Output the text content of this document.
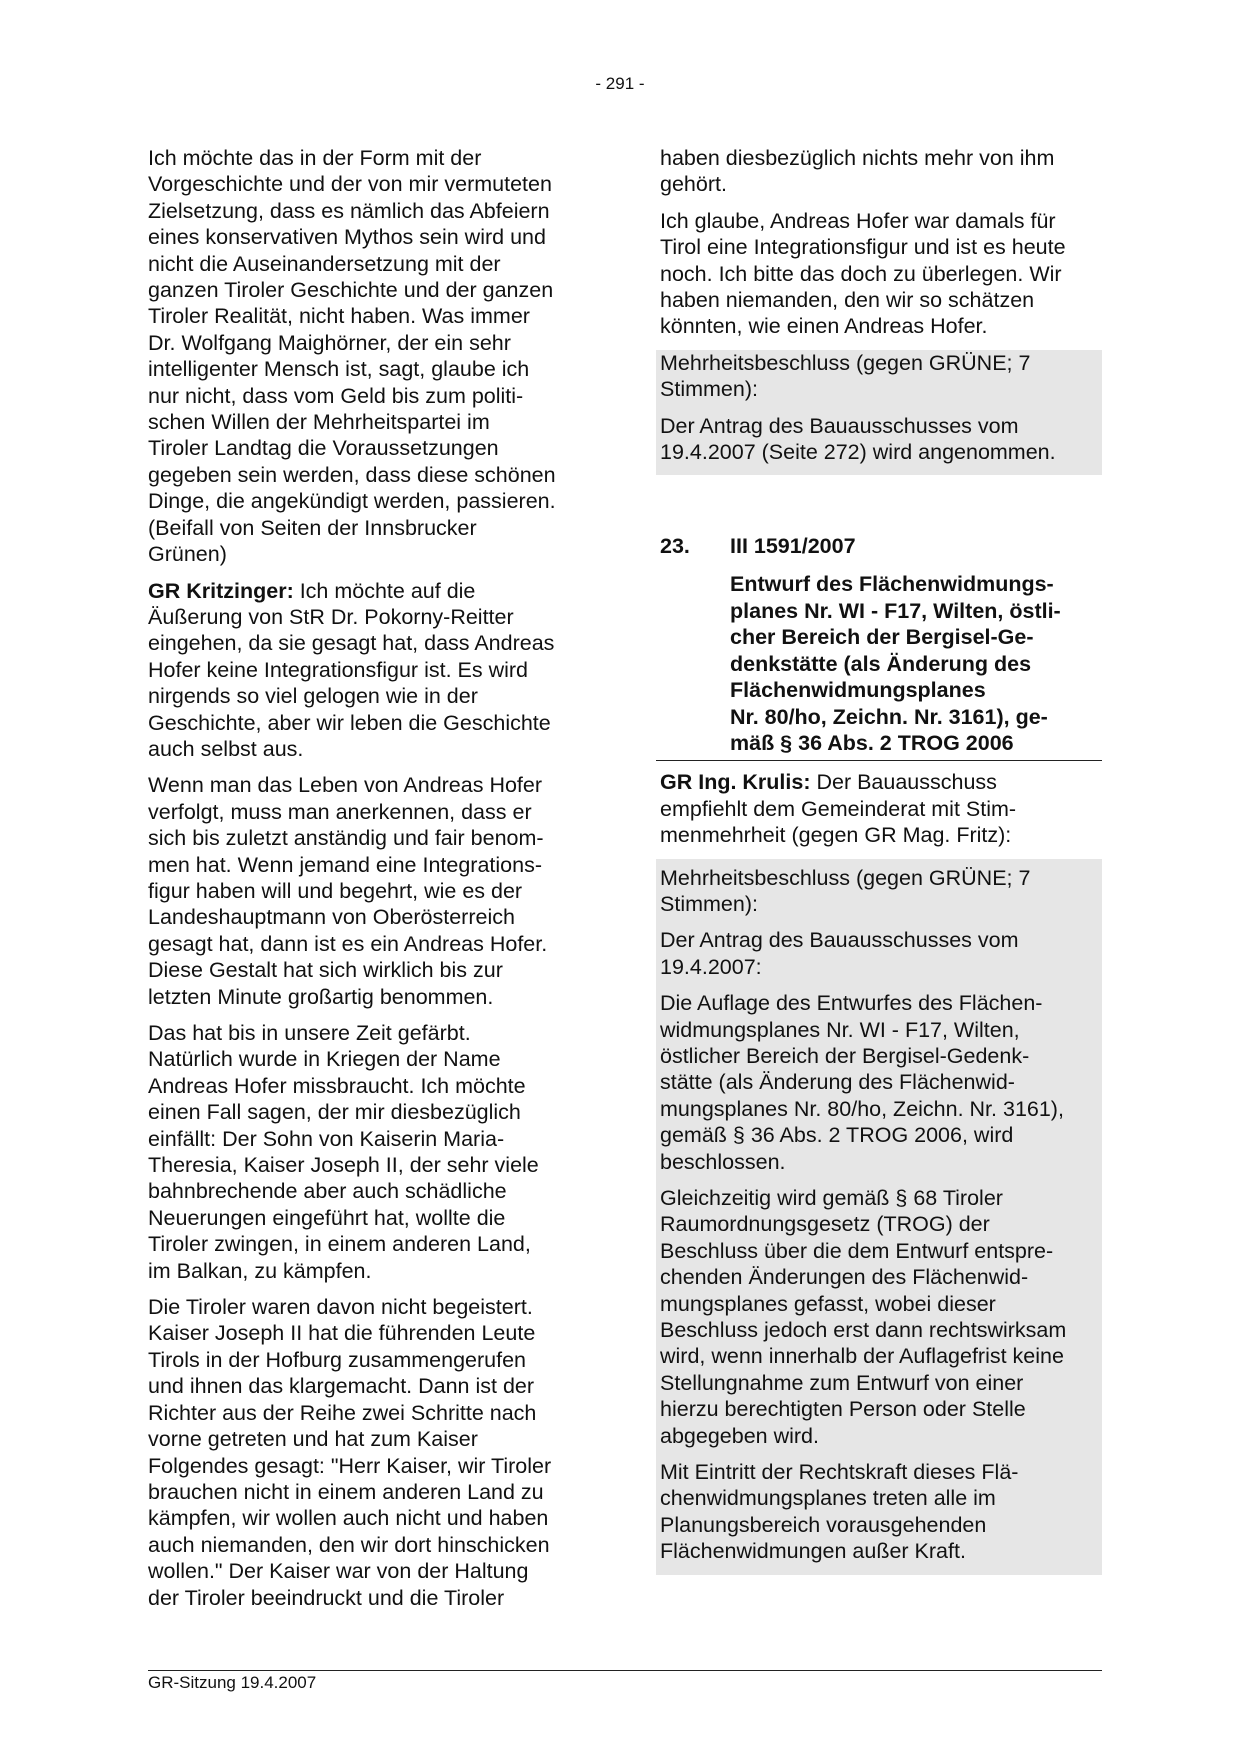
- 291 -

Ich möchte das in der Form mit der
Vorgeschichte und der von mir vermuteten
Zielsetzung, dass es nämlich das Abfeiern
eines konservativen Mythos sein wird und
nicht die Auseinandersetzung mit der
ganzen Tiroler Geschichte und der ganzen
Tiroler Realität, nicht haben. Was immer
Dr. Wolfgang Maighörner, der ein sehr
intelligenter Mensch ist, sagt, glaube ich
nur nicht, dass vom Geld bis zum politi-
schen Willen der Mehrheitspartei im
Tiroler Landtag die Voraussetzungen
gegeben sein werden, dass diese schönen
Dinge, die angekündigt werden, passieren.
(Beifall von Seiten der Innsbrucker
Grünen)

GR Kritzinger: Ich möchte auf die
Äußerung von StR Dr. Pokorny-Reitter
eingehen, da sie gesagt hat, dass Andreas
Hofer keine Integrationsfigur ist. Es wird
nirgends so viel gelogen wie in der
Geschichte, aber wir leben die Geschichte
auch selbst aus.

Wenn man das Leben von Andreas Hofer
verfolgt, muss man anerkennen, dass er
sich bis zuletzt anständig und fair benom-
men hat. Wenn jemand eine Integrations-
figur haben will und begehrt, wie es der
Landeshauptmann von Oberösterreich
gesagt hat, dann ist es ein Andreas Hofer.
Diese Gestalt hat sich wirklich bis zur
letzten Minute großartig benommen.

Das hat bis in unsere Zeit gefärbt.
Natürlich wurde in Kriegen der Name
Andreas Hofer missbraucht. Ich möchte
einen Fall sagen, der mir diesbezüglich
einfällt: Der Sohn von Kaiserin Maria-
Theresia, Kaiser Joseph II, der sehr viele
bahnbrechende aber auch schädliche
Neuerungen eingeführt hat, wollte die
Tiroler zwingen, in einem anderen Land,
im Balkan, zu kämpfen.

Die Tiroler waren davon nicht begeistert.
Kaiser Joseph II hat die führenden Leute
Tirols in der Hofburg zusammengerufen
und ihnen das klargemacht. Dann ist der
Richter aus der Reihe zwei Schritte nach
vorne getreten und hat zum Kaiser
Folgendes gesagt: "Herr Kaiser, wir Tiroler
brauchen nicht in einem anderen Land zu
kämpfen, wir wollen auch nicht und haben
auch niemanden, den wir dort hinschicken
wollen." Der Kaiser war von der Haltung
der Tiroler beeindruckt und die Tiroler

haben diesbezüglich nichts mehr von ihm
gehört.

Ich glaube, Andreas Hofer war damals für
Tirol eine Integrationsfigur und ist es heute
noch. Ich bitte das doch zu überlegen. Wir
haben niemanden, den wir so schätzen
könnten, wie einen Andreas Hofer.

Mehrheitsbeschluss (gegen GRÜNE; 7
Stimmen):

Der Antrag des Bauausschusses vom
19.4.2007 (Seite 272) wird angenommen.

23. III 1591/2007
Entwurf des Flächenwidmungs-
planes Nr. WI - F17, Wilten, östli-
cher Bereich der Bergisel-Ge-
denkstätte (als Änderung des
Flächenwidmungsplanes
Nr. 80/ho, Zeichn. Nr. 3161), ge-
mäß § 36 Abs. 2 TROG 2006

GR Ing. Krulis: Der Bauausschuss
empfiehlt dem Gemeinderat mit Stim-
menmehrheit (gegen GR Mag. Fritz):

Mehrheitsbeschluss (gegen GRÜNE; 7
Stimmen):

Der Antrag des Bauausschusses vom
19.4.2007:

Die Auflage des Entwurfes des Flächen-
widmungsplanes Nr. WI - F17, Wilten,
östlicher Bereich der Bergisel-Gedenk-
stätte (als Änderung des Flächenwid-
mungsplanes Nr. 80/ho, Zeichn. Nr. 3161),
gemäß § 36 Abs. 2 TROG 2006, wird
beschlossen.

Gleichzeitig wird gemäß § 68 Tiroler
Raumordnungsgesetz (TROG) der
Beschluss über die dem Entwurf entspre-
chenden Änderungen des Flächenwid-
mungsplanes gefasst, wobei dieser
Beschluss jedoch erst dann rechtswirksam
wird, wenn innerhalb der Auflagefrist keine
Stellungnahme zum Entwurf von einer
hierzu berechtigten Person oder Stelle
abgegeben wird.

Mit Eintritt der Rechtskraft dieses Flä-
chenwidmungsplanes treten alle im
Planungsbereich vorausgehenden
Flächenwidmungen außer Kraft.

GR-Sitzung 19.4.2007
